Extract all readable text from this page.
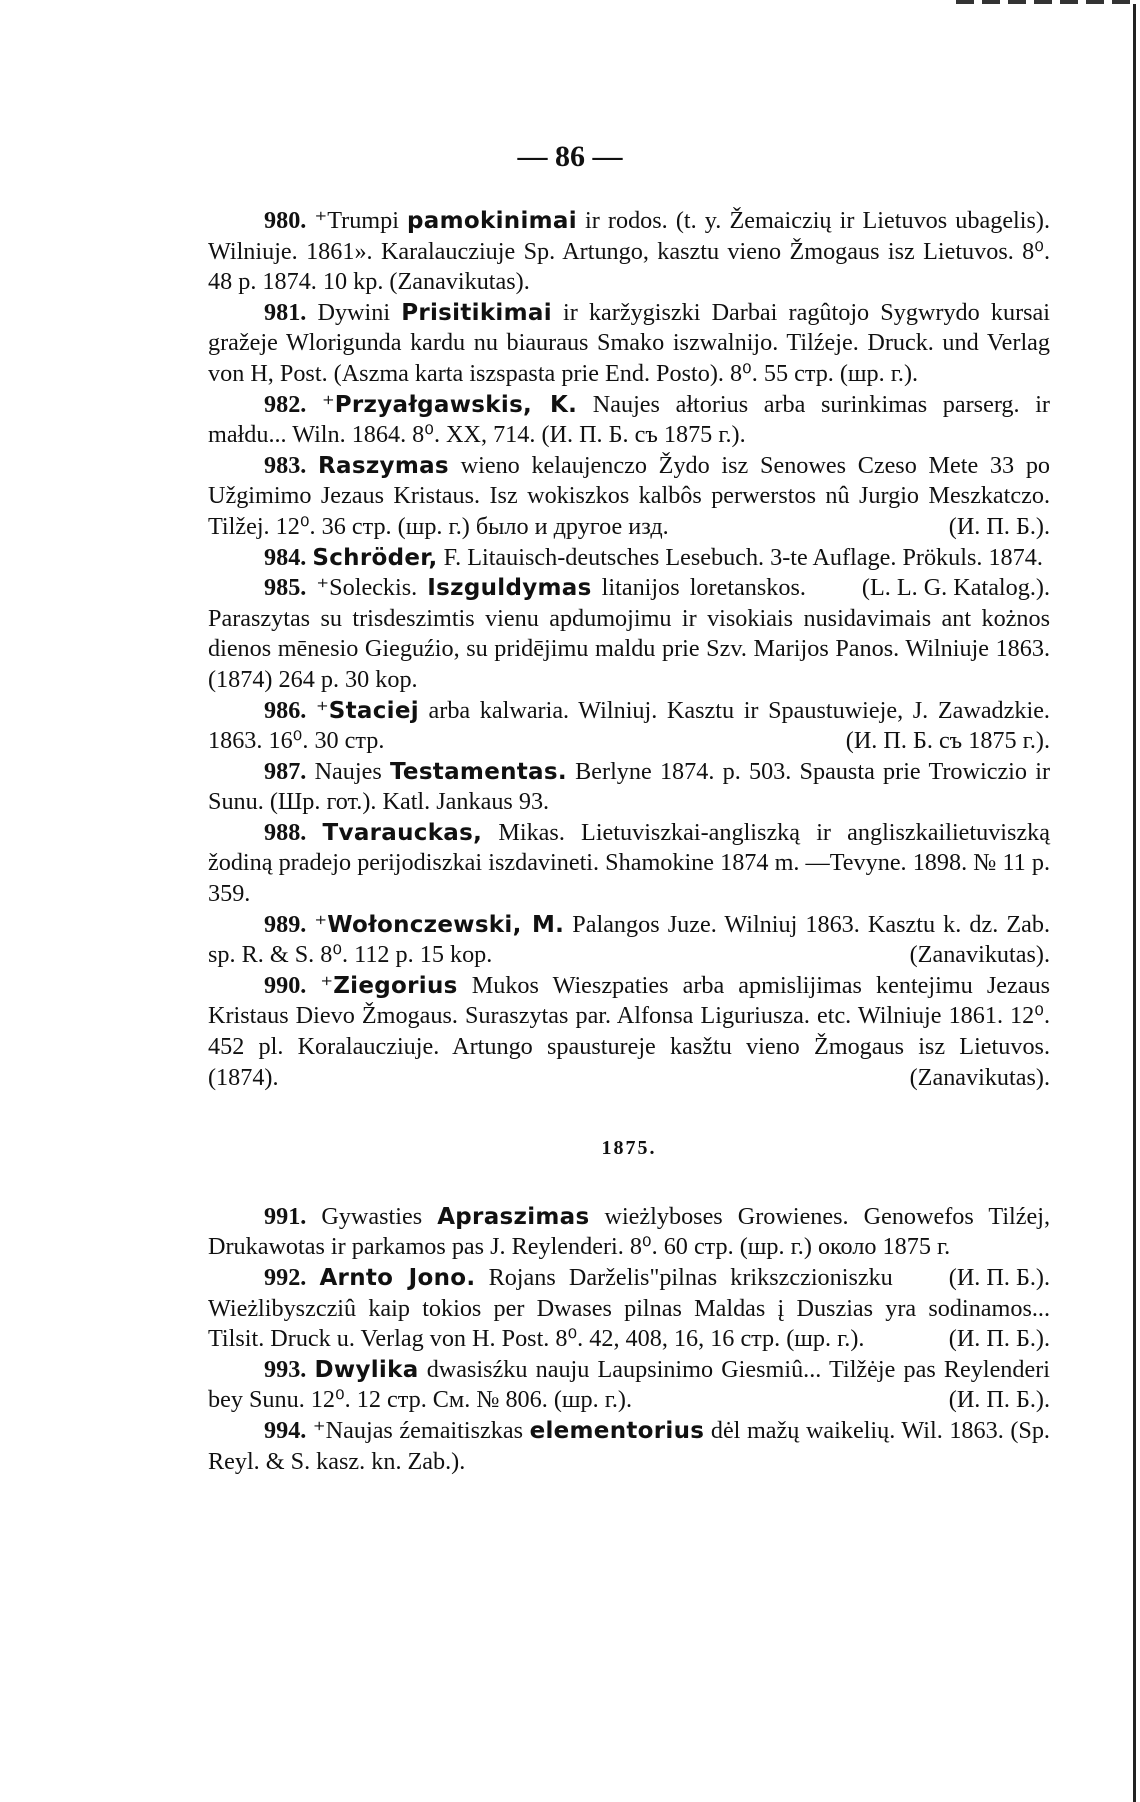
— 86 —

980. ⁺Trumpi pamokinimai ir rodos. (t. y. Žemaiczių ir Lietuvos ubagelis). Wilniuje. 1861». Karalaucziuje Sp. Artungo, kasztu vieno Žmogaus isz Lietuvos. 8⁰. 48 p. 1874. 10 kp. (Zanavikutas).

981. Dywini Prisitikimai ir karžygiszki Darbai ragûtojo Sygwrydo kursai gražeje Wlorigunda kardu nu biauraus Smako iszwalnijo. Tilźeje. Druck. und Verlag von H, Post. (Aszma karta iszspasta prie End. Posto). 8⁰. 55 стр. (шр. г.).

982. ⁺Przyałgawskis, K. Naujes ałtorius arba surinkimas parserg. ir małdu... Wiln. 1864. 8⁰. XX, 714. (И. П. Б. съ 1875 г.).

983. Raszymas wieno kelaujenczo Žydo isz Senowes Czeso Mete 33 po Užgimimo Jezaus Kristaus. Isz wokiszkos kalbôs perwerstos nû Jurgio Meszkatczo. Tilžej. 12⁰. 36 стр. (шр. г.) было и другое изд.	(И. П. Б.).

984. Schröder, F. Litauisch-deutsches Lesebuch. 3-te Auflage. Prökuls. 1874.
(L. L. G. Katalog.).

985. ⁺Soleckis. Iszguldymas litanijos loretanskos. Paraszytas su trisdeszimtis vienu apdumojimu ir visokiais nusidavimais ant kożnos dienos mēnesio Gieguźio, su pridējimu maldu prie Szv. Marijos Panos. Wilniuje 1863. (1874) 264 p. 30 kop.

986. ⁺Staciej arba kalwaria. Wilniuj. Kasztu ir Spaustuwieje, J. Zawadzkie. 1863. 16⁰. 30 стр.	(И. П. Б. съ 1875 г.).

987. Naujes Testamentas. Berlyne 1874. p. 503. Spausta prie Trowiczio ir Sunu. (Шр. гот.). Katl. Jankaus 93.

988. Tvarauckas, Mikas. Lietuviszkai-angliszką ir angliszkailietuviszką žodiną pradejo perijodiszkai iszdavineti. Shamokine 1874 m. —Tevyne. 1898. № 11 p. 359.

989. ⁺Wołonczewski, M. Palangos Juze. Wilniuj 1863. Kasztu k. dz. Zab. sp. R. & S. 8⁰. 112 p. 15 kop.	(Zanavikutas).

990. ⁺Ziegorius Mukos Wieszpaties arba apmislijimas kentejimu Jezaus Kristaus Dievo Žmogaus. Suraszytas par. Alfonsa Liguriusza. etc. Wilniuje 1861. 12⁰. 452 pl. Koralaucziuje. Artungo spaustureje kasžtu vieno Žmogaus isz Lietuvos. (1874).	(Zanavikutas).

1875.

991. Gywasties Apraszimas wieżlyboses Growienes. Genowefos Tilźej, Drukawotas ir parkamos pas J. Reylenderi. 8⁰. 60 стр. (шр. г.) около 1875 г.
(И. П. Б.).

992. Arnto Jono. Rojans Darželis"pilnas krikszczioniszku Wieżlibyszcziû kaip tokios per Dwases pilnas Maldas į Duszias yra sodinamos... Tilsit. Druck u. Verlag von H. Post. 8⁰. 42, 408, 16, 16 стр. (шр. г.).	(И. П. Б.).

993. Dwylika dwasisźku nauju Laupsinimo Giesmiû... Tilžėje pas Reylenderi bey Sunu. 12⁰. 12 стр. См. № 806. (шр. г.).	(И. П. Б.).

994. ⁺Naujas źemaitiszkas elementorius dėl mažų waikelių. Wil. 1863. (Sp. Reyl. & S. kasz. kn. Zab.).
